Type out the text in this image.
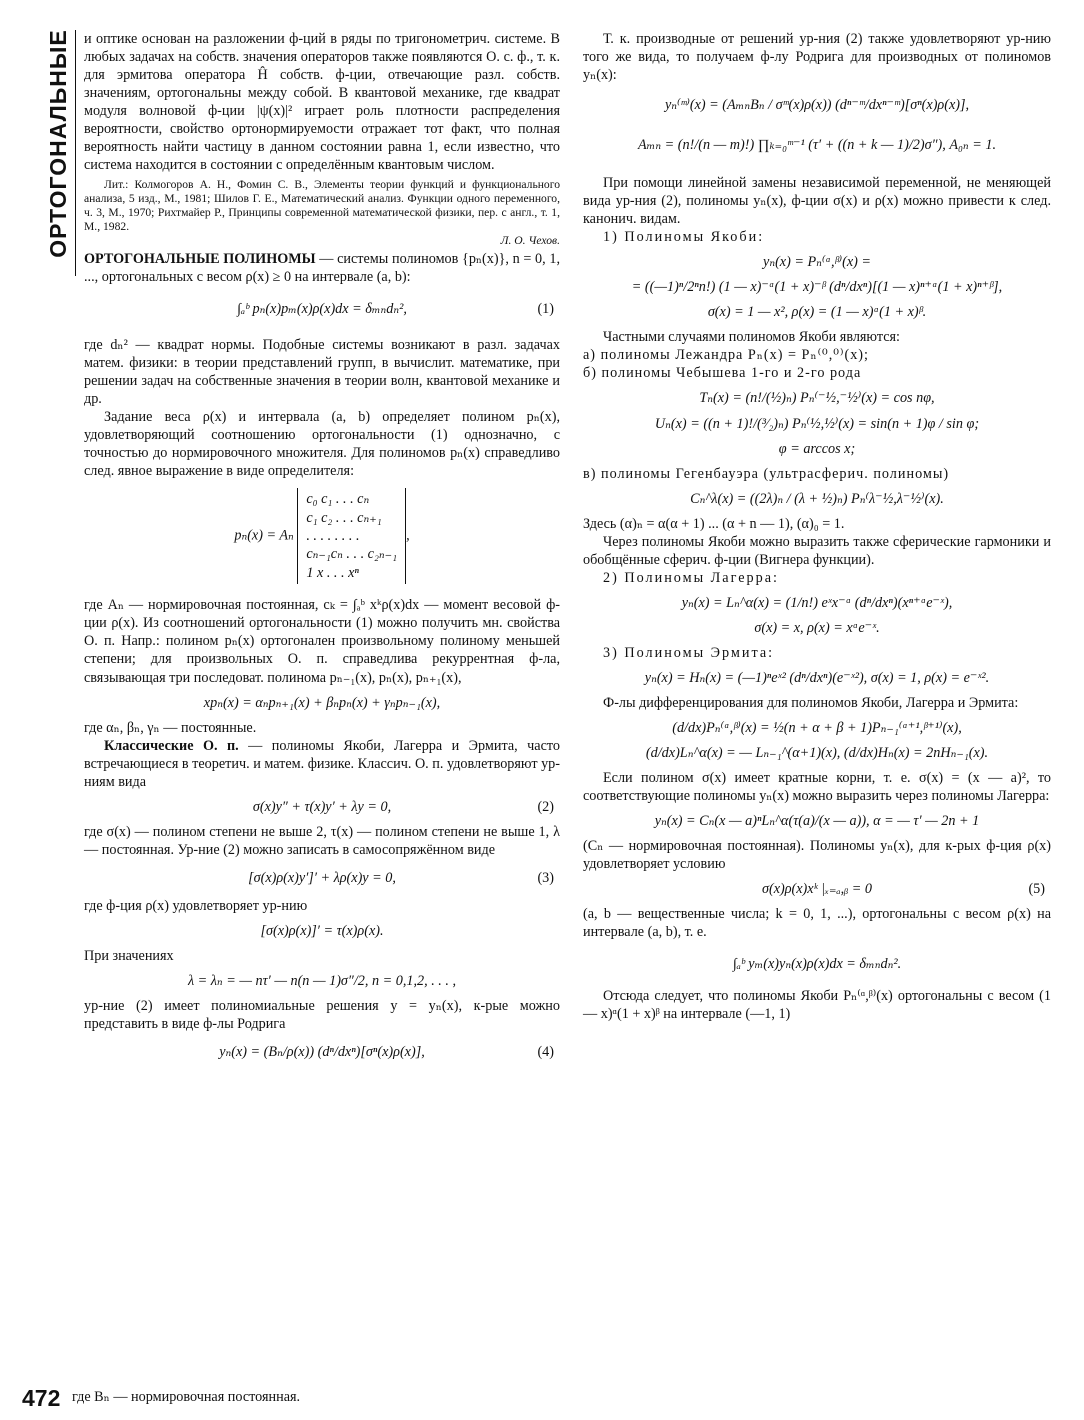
ОРТОГОНАЛЬНЫЕ и оптике основан на разложении ф-ций в ряды по тригонометрич. системе. В любых задачах на собств. значения операторов также появляются О. с. ф., т. к. для эрмитова оператора Ĥ собств. ф-ции, отвечающие разл. собств. значениям, ортогональны между собой. В квантовой механике, где квадрат модуля волновой ф-ции |ψ(x)|² играет роль плотности распределения вероятности, свойство ортонормируемости отражает тот факт, что полная вероятность найти частицу в данном состоянии равна 1, если известно, что система находится в состоянии с определённым квантовым числом.

Лит.: Колмогоров А. Н., Фомин С. В., Элементы теории функций и функционального анализа, 5 изд., М., 1981; Шилов Г. Е., Математический анализ. Функции одного переменного, ч. 3, М., 1970; Рихтмайер Р., Принципы современной математической физики, пер. с англ., т. 1, М., 1982.

Л. О. Чехов.

ОРТОГОНАЛЬНЫЕ ПОЛИНОМЫ — системы полиномов {pₙ(x)}, n = 0, 1, ..., ортогональных с весом ρ(x) ≥ 0 на интервале (a, b):

∫ₐᵇ pₙ(x)pₘ(x)ρ(x)dx = δₘₙdₙ²,	(1)

где dₙ² — квадрат нормы. Подобные системы возникают в разл. задачах матем. физики: в теории представлений групп, в вычислит. математике, при решении задач на собственные значения в теории волн, квантовой механике и др.

Задание веса ρ(x) и интервала (a, b) определяет полином pₙ(x), удовлетворяющий соотношению ортогональности (1) однозначно, с точностью до нормировочного множителя. Для полиномов pₙ(x) справедливо след. явное выражение в виде определителя:

pₙ(x) = Aₙ
c₀ c₁ . . . cₙ
c₁ c₂ . . . cₙ₊₁
. . . . . . . .
cₙ₋₁cₙ . . . c₂ₙ₋₁
1 x . . . xⁿ
,

где Aₙ — нормировочная постоянная, cₖ = ∫ₐᵇ xᵏρ(x)dx — момент весовой ф-ции ρ(x). Из соотношений ортогональности (1) можно получить мн. свойства О. п. Напр.: полином pₙ(x) ортогонален произвольному полиному меньшей степени; для произвольных О. п. справедлива рекуррентная ф-ла, связывающая три последоват. полинома pₙ₋₁(x), pₙ(x), pₙ₊₁(x),

xpₙ(x) = αₙpₙ₊₁(x) + βₙpₙ(x) + γₙpₙ₋₁(x),

где αₙ, βₙ, γₙ — постоянные.

Классические О. п. — полиномы Якоби, Лагерра и Эрмита, часто встречающиеся в теоретич. и матем. физике. Классич. О. п. удовлетворяют ур-ниям вида

σ(x)y″ + τ(x)y′ + λy = 0,	(2)

где σ(x) — полином степени не выше 2, τ(x) — полином степени не выше 1, λ — постоянная. Ур-ние (2) можно записать в самосопряжённом виде

[σ(x)ρ(x)y′]′ + λρ(x)y = 0,	(3)

где ф-ция ρ(x) удовлетворяет ур-нию

[σ(x)ρ(x)]′ = τ(x)ρ(x).

При значениях

λ = λₙ = — nτ′ — n(n — 1)σ″/2, n = 0,1,2, . . . ,

ур-ние (2) имеет полиномиальные решения y = yₙ(x), к-рые можно представить в виде ф-лы Родрига

yₙ(x) = (Bₙ/ρ(x)) (dⁿ/dxⁿ)[σⁿ(x)ρ(x)],	(4)
472 где Bₙ — нормировочная постоянная.

Т. к. производные от решений ур-ния (2) также удовлетворяют ур-нию того же вида, то получаем ф-лу Родрига для производных от полиномов yₙ(x):

yₙ⁽ᵐ⁾(x) = (AₘₙBₙ / σᵐ(x)ρ(x)) (dⁿ⁻ᵐ/dxⁿ⁻ᵐ)[σⁿ(x)ρ(x)],
Aₘₙ = (n!/(n — m)!) ∏ₖ₌₀ᵐ⁻¹ (τ′ + ((n + k — 1)/2)σ″), A₀ₙ = 1.

При помощи линейной замены независимой переменной, не меняющей вида ур-ния (2), полиномы yₙ(x), ф-ции σ(x) и ρ(x) можно привести к след. канонич. видам.

1) Полиномы Якоби:

yₙ(x) = Pₙ⁽ᵅ,ᵝ⁾(x) =
= ((—1)ⁿ/2ⁿn!) (1 — x)⁻ᵅ(1 + x)⁻ᵝ (dⁿ/dxⁿ)[(1 — x)ⁿ⁺ᵅ(1 + x)ⁿ⁺ᵝ],
σ(x) = 1 — x², ρ(x) = (1 — x)ᵅ(1 + x)ᵝ.

Частными случаями полиномов Якоби являются:

а) полиномы Лежандра Pₙ(x) = Pₙ⁽⁰,⁰⁾(x);

б) полиномы Чебышева 1-го и 2-го рода

Tₙ(x) = (n!/(½)ₙ) Pₙ⁽⁻½,⁻½⁾(x) = cos nφ,
Uₙ(x) = ((n + 1)!/(³⁄₂)ₙ) Pₙ⁽½,½⁾(x) = sin(n + 1)φ / sin φ;
φ = arccos x;

в) полиномы Гегенбауэра (ультрасферич. полиномы)

Cₙ^λ(x) = ((2λ)ₙ / (λ + ½)ₙ) Pₙ⁽λ⁻½,λ⁻½⁾(x).

Здесь (α)ₙ = α(α + 1) ... (α + n — 1), (α)₀ = 1.

Через полиномы Якоби можно выразить также сферические гармоники и обобщённые сферич. ф-ции (Вигнера функции).

2) Полиномы Лагерра:

yₙ(x) = Lₙ^α(x) = (1/n!) eˣx⁻ᵅ (dⁿ/dxⁿ)(xⁿ⁺ᵅe⁻ˣ),
σ(x) = x, ρ(x) = xᵅe⁻ˣ.

3) Полиномы Эрмита:

yₙ(x) = Hₙ(x) = (—1)ⁿeˣ² (dⁿ/dxⁿ)(e⁻ˣ²), σ(x) = 1, ρ(x) = e⁻ˣ².

Ф-лы дифференцирования для полиномов Якоби, Лагерра и Эрмита:

(d/dx)Pₙ⁽ᵅ,ᵝ⁾(x) = ½(n + α + β + 1)Pₙ₋₁⁽ᵅ⁺¹,ᵝ⁺¹⁾(x),
(d/dx)Lₙ^α(x) = — Lₙ₋₁^(α+1)(x), (d/dx)Hₙ(x) = 2nHₙ₋₁(x).

Если полином σ(x) имеет кратные корни, т. е. σ(x) = (x — a)², то соответствующие полиномы yₙ(x) можно выразить через полиномы Лагерра:

yₙ(x) = Cₙ(x — a)ⁿLₙ^α(τ(a)/(x — a)), α = — τ′ — 2n + 1

(Cₙ — нормировочная постоянная). Полиномы yₙ(x), для к-рых ф-ция ρ(x) удовлетворяет условию

σ(x)ρ(x)xᵏ |ₓ₌ₐ,ᵦ = 0	(5)

(a, b — вещественные числа; k = 0, 1, ...), ортогональны с весом ρ(x) на интервале (a, b), т. е.

∫ₐᵇ yₘ(x)yₙ(x)ρ(x)dx = δₘₙdₙ².

Отсюда следует, что полиномы Якоби Pₙ⁽ᵅ,ᵝ⁾(x) ортогональны с весом (1 — x)ᵅ(1 + x)ᵝ на интервале (—1, 1)
